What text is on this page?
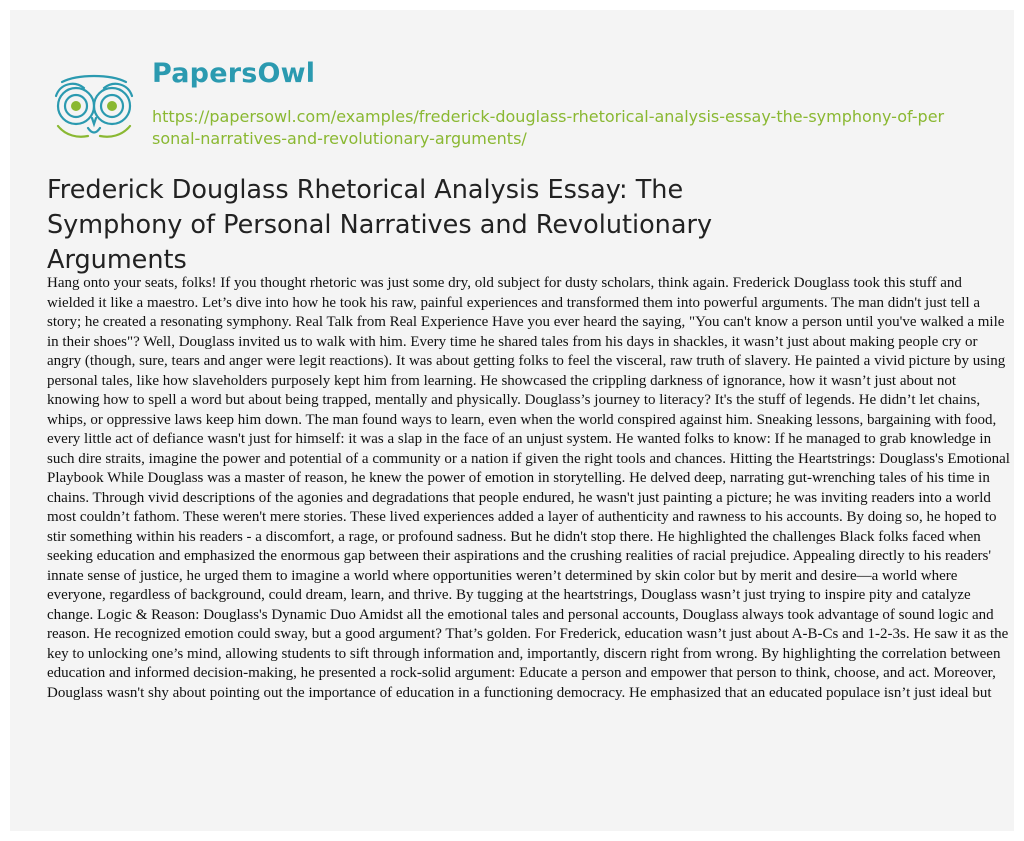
PapersOwl
https://papersowl.com/examples/frederick-douglass-rhetorical-analysis-essay-the-symphony-of-personal-narratives-and-revolutionary-arguments/
Frederick Douglass Rhetorical Analysis Essay: The Symphony of Personal Narratives and Revolutionary Arguments

Hang onto your seats, folks! If you thought rhetoric was just some dry, old subject for dusty scholars, think again. Frederick Douglass took this stuff and wielded it like a maestro. Let’s dive into how he took his raw, painful experiences and transformed them into powerful arguments. The man didn't just tell a story; he created a resonating symphony. Real Talk from Real Experience Have you ever heard the saying, "You can't know a person until you've walked a mile in their shoes"? Well, Douglass invited us to walk with him. Every time he shared tales from his days in shackles, it wasn’t just about making people cry or angry (though, sure, tears and anger were legit reactions). It was about getting folks to feel the visceral, raw truth of slavery. He painted a vivid picture by using personal tales, like how slaveholders purposely kept him from learning. He showcased the crippling darkness of ignorance, how it wasn’t just about not knowing how to spell a word but about being trapped, mentally and physically. Douglass’s journey to literacy? It's the stuff of legends. He didn’t let chains, whips, or oppressive laws keep him down. The man found ways to learn, even when the world conspired against him. Sneaking lessons, bargaining with food, every little act of defiance wasn't just for himself: it was a slap in the face of an unjust system. He wanted folks to know: If he managed to grab knowledge in such dire straits, imagine the power and potential of a community or a nation if given the right tools and chances. Hitting the Heartstrings: Douglass's Emotional Playbook While Douglass was a master of reason, he knew the power of emotion in storytelling. He delved deep, narrating gut-wrenching tales of his time in chains. Through vivid descriptions of the agonies and degradations that people endured, he wasn't just painting a picture; he was inviting readers into a world most couldn’t fathom. These weren't mere stories. These lived experiences added a layer of authenticity and rawness to his accounts. By doing so, he hoped to stir something within his readers - a discomfort, a rage, or profound sadness. But he didn't stop there. He highlighted the challenges Black folks faced when seeking education and emphasized the enormous gap between their aspirations and the crushing realities of racial prejudice. Appealing directly to his readers' innate sense of justice, he urged them to imagine a world where opportunities weren’t determined by skin color but by merit and desire—a world where everyone, regardless of background, could dream, learn, and thrive. By tugging at the heartstrings, Douglass wasn’t just trying to inspire pity and catalyze change. Logic & Reason: Douglass's Dynamic Duo Amidst all the emotional tales and personal accounts, Douglass always took advantage of sound logic and reason. He recognized emotion could sway, but a good argument? That’s golden. For Frederick, education wasn’t just about A-B-Cs and 1-2-3s. He saw it as the key to unlocking one’s mind, allowing students to sift through information and, importantly, discern right from wrong. By highlighting the correlation between education and informed decision-making, he presented a rock-solid argument: Educate a person and empower that person to think, choose, and act. Moreover, Douglass wasn't shy about pointing out the importance of education in a functioning democracy. He emphasized that an educated populace isn’t just ideal but
